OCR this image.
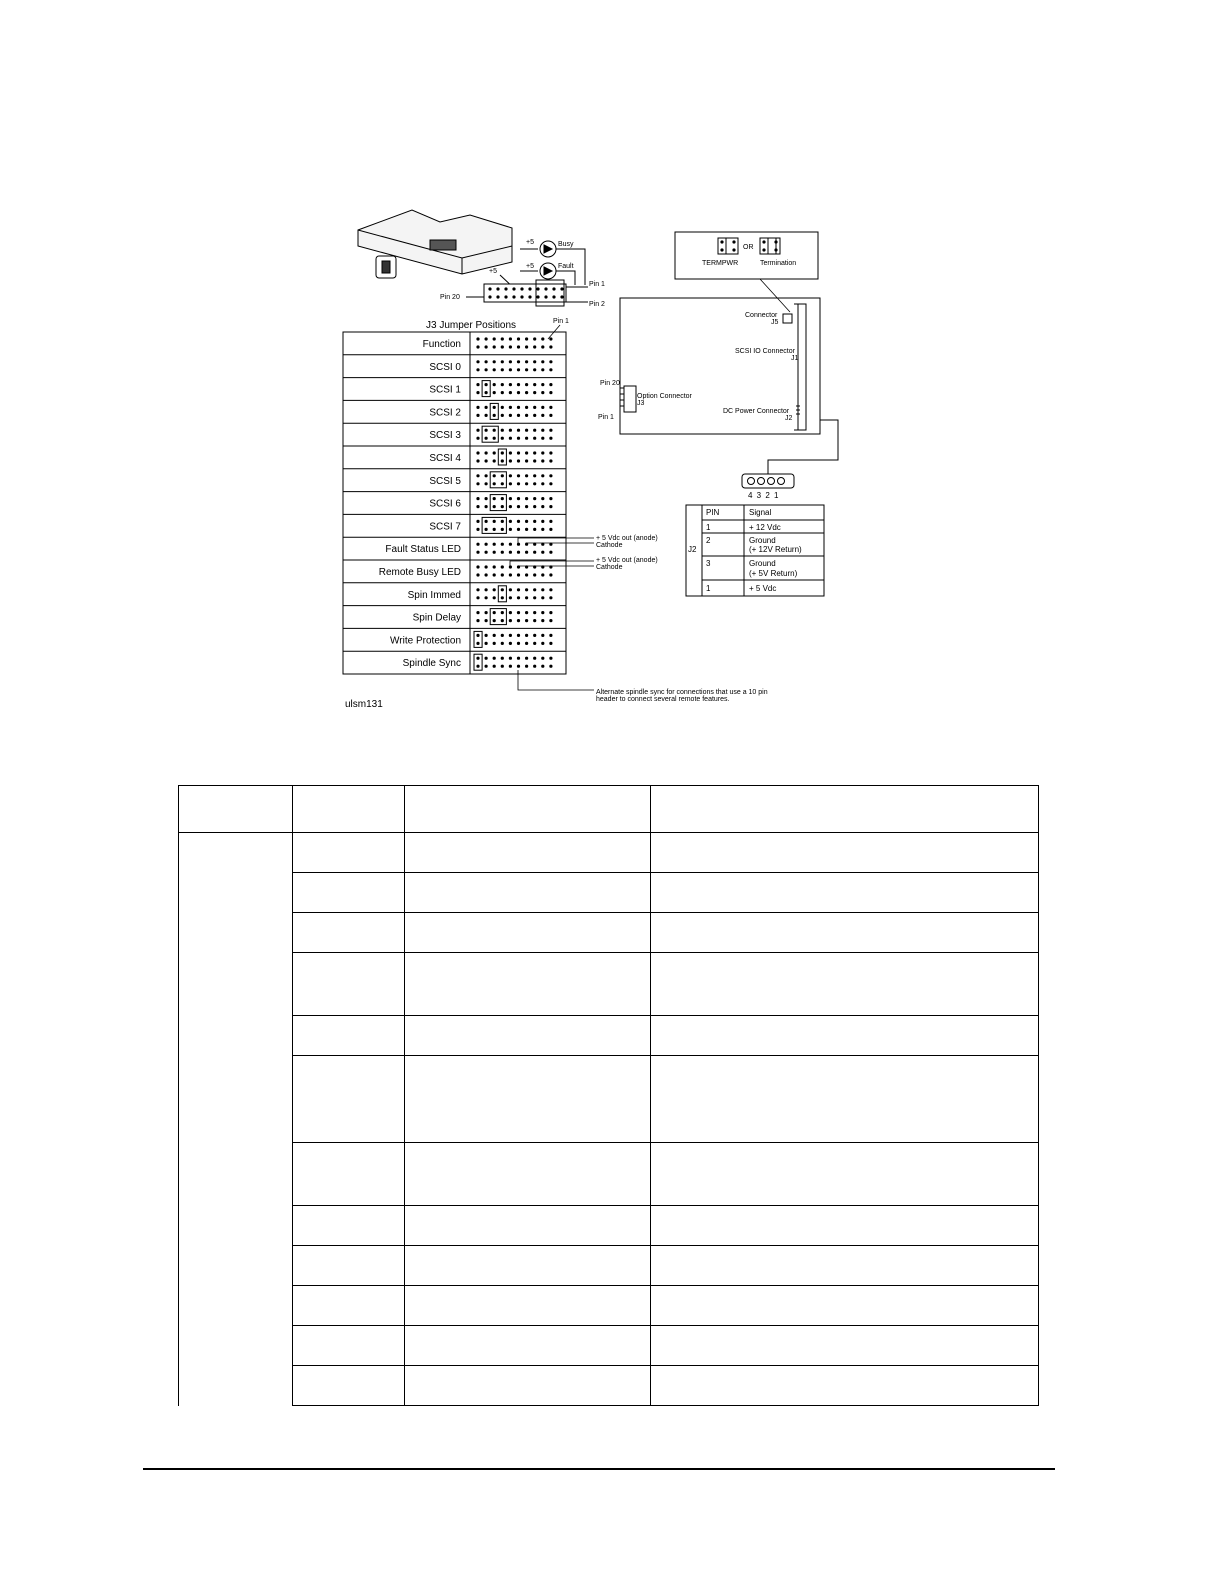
+5
+5
+5
Busy
Fault
Pin 1
Pin 2
Pin 20
J3 Jumper Positions	Pin 1
Function
SCSI 0
SCSI 1
SCSI 2
SCSI 3
SCSI 4
SCSI 5
SCSI 6
SCSI 7
Fault Status LED
Remote Busy LED
Spin Immed
Spin Delay
Write Protection
Spindle Sync
+ 5 Vdc out (anode)
Cathode
+ 5 Vdc out (anode)
Cathode
Alternate spindle sync for connections that use a 10 pin
header to connect several remote features.
ulsm131
OR
TERMPWR	Termination
Connector
J5
SCSI IO Connector
J1
Pin 20
Option Connector
J3
Pin 1
DC Power Connector
J2
4 3 2 1
J2
PIN	Signal
1	+ 12 Vdc
2	Ground
(+ 12V Return)
3	Ground
(+ 5V Return)
1	+ 5 Vdc
